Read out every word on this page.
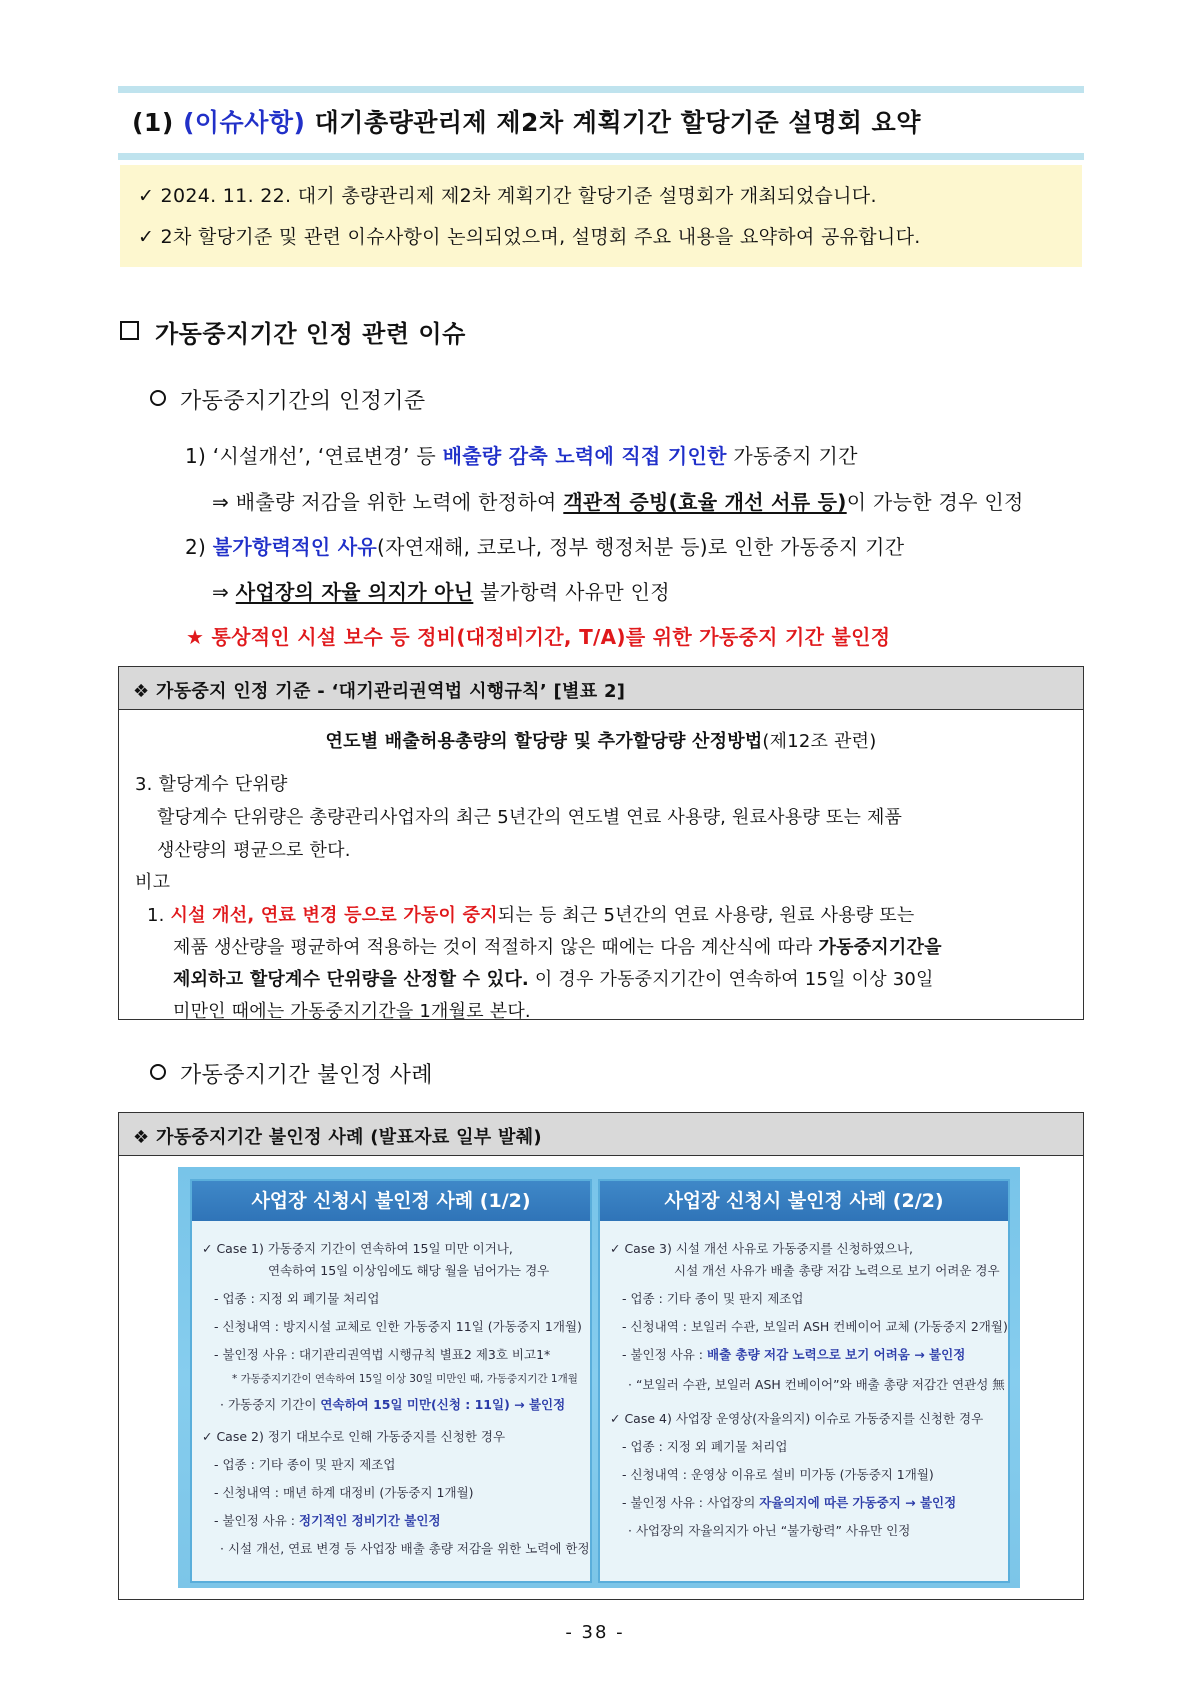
(1) (이슈사항) 대기총량관리제 제2차 계획기간 할당기준 설명회 요약
✓ 2024. 11. 22. 대기 총량관리제 제2차 계획기간 할당기준 설명회가 개최되었습니다.
✓ 2차 할당기준 및 관련 이슈사항이 논의되었으며, 설명회 주요 내용을 요약하여 공유합니다.
가동중지기간 인정 관련 이슈
가동중지기간의 인정기준
1) ‘시설개선’, ‘연료변경’ 등 배출량 감축 노력에 직접 기인한 가동중지 기간
⇒ 배출량 저감을 위한 노력에 한정하여 객관적 증빙(효율 개선 서류 등)이 가능한 경우 인정
2) 불가항력적인 사유(자연재해, 코로나, 정부 행정처분 등)로 인한 가동중지 기간
⇒ 사업장의 자율 의지가 아닌 불가항력 사유만 인정
★ 통상적인 시설 보수 등 정비(대정비기간, T/A)를 위한 가동중지 기간 불인정
❖ 가동중지 인정 기준 - ‘대기관리권역법 시행규칙’ [별표 2]
연도별 배출허용총량의 할당량 및 추가할당량 산정방법(제12조 관련)
3. 할당계수 단위량
할당계수 단위량은 총량관리사업자의 최근 5년간의 연도별 연료 사용량, 원료사용량 또는 제품
생산량의 평균으로 한다.
비고
1. 시설 개선, 연료 변경 등으로 가동이 중지되는 등 최근 5년간의 연료 사용량, 원료 사용량 또는
제품 생산량을 평균하여 적용하는 것이 적절하지 않은 때에는 다음 계산식에 따라 가동중지기간을
제외하고 할당계수 단위량을 산정할 수 있다. 이 경우 가동중지기간이 연속하여 15일 이상 30일
미만인 때에는 가동중지기간을 1개월로 본다.
가동중지기간 불인정 사례
❖ 가동중지기간 불인정 사례 (발표자료 일부 발췌)
사업장 신청시 불인정 사례 (1/2)
✓ Case 1) 가동중지 기간이 연속하여 15일 미만 이거나,
연속하여 15일 이상임에도 해당 월을 넘어가는 경우
- 업종 : 지정 외 폐기물 처리업
- 신청내역 : 방지시설 교체로 인한 가동중지 11일 (가동중지 1개월)
- 불인정 사유 : 대기관리권역법 시행규칙 별표2 제3호 비고1*
* 가동중지기간이 연속하여 15일 이상 30일 미만인 때, 가동중지기간 1개월
· 가동중지 기간이 연속하여 15일 미만(신청 : 11일) → 불인정
✓ Case 2) 정기 대보수로 인해 가동중지를 신청한 경우
- 업종 : 기타 종이 및 판지 제조업
- 신청내역 : 매년 하계 대정비 (가동중지 1개월)
- 불인정 사유 : 정기적인 정비기간 불인정
· 시설 개선, 연료 변경 등 사업장 배출 총량 저감을 위한 노력에 한정
사업장 신청시 불인정 사례 (2/2)
✓ Case 3) 시설 개선 사유로 가동중지를 신청하였으나,
시설 개선 사유가 배출 총량 저감 노력으로 보기 어려운 경우
- 업종 : 기타 종이 및 판지 제조업
- 신청내역 : 보일러 수관, 보일러 ASH 컨베이어 교체 (가동중지 2개월)
- 불인정 사유 : 배출 총량 저감 노력으로 보기 어려움 → 불인정
· “보일러 수관, 보일러 ASH 컨베이어”와 배출 총량 저감간 연관성 無
✓ Case 4) 사업장 운영상(자율의지) 이슈로 가동중지를 신청한 경우
- 업종 : 지정 외 폐기물 처리업
- 신청내역 : 운영상 이유로 설비 미가동 (가동중지 1개월)
- 불인정 사유 : 사업장의 자율의지에 따른 가동중지 → 불인정
· 사업장의 자율의지가 아닌 “불가항력” 사유만 인정
- 38 -
